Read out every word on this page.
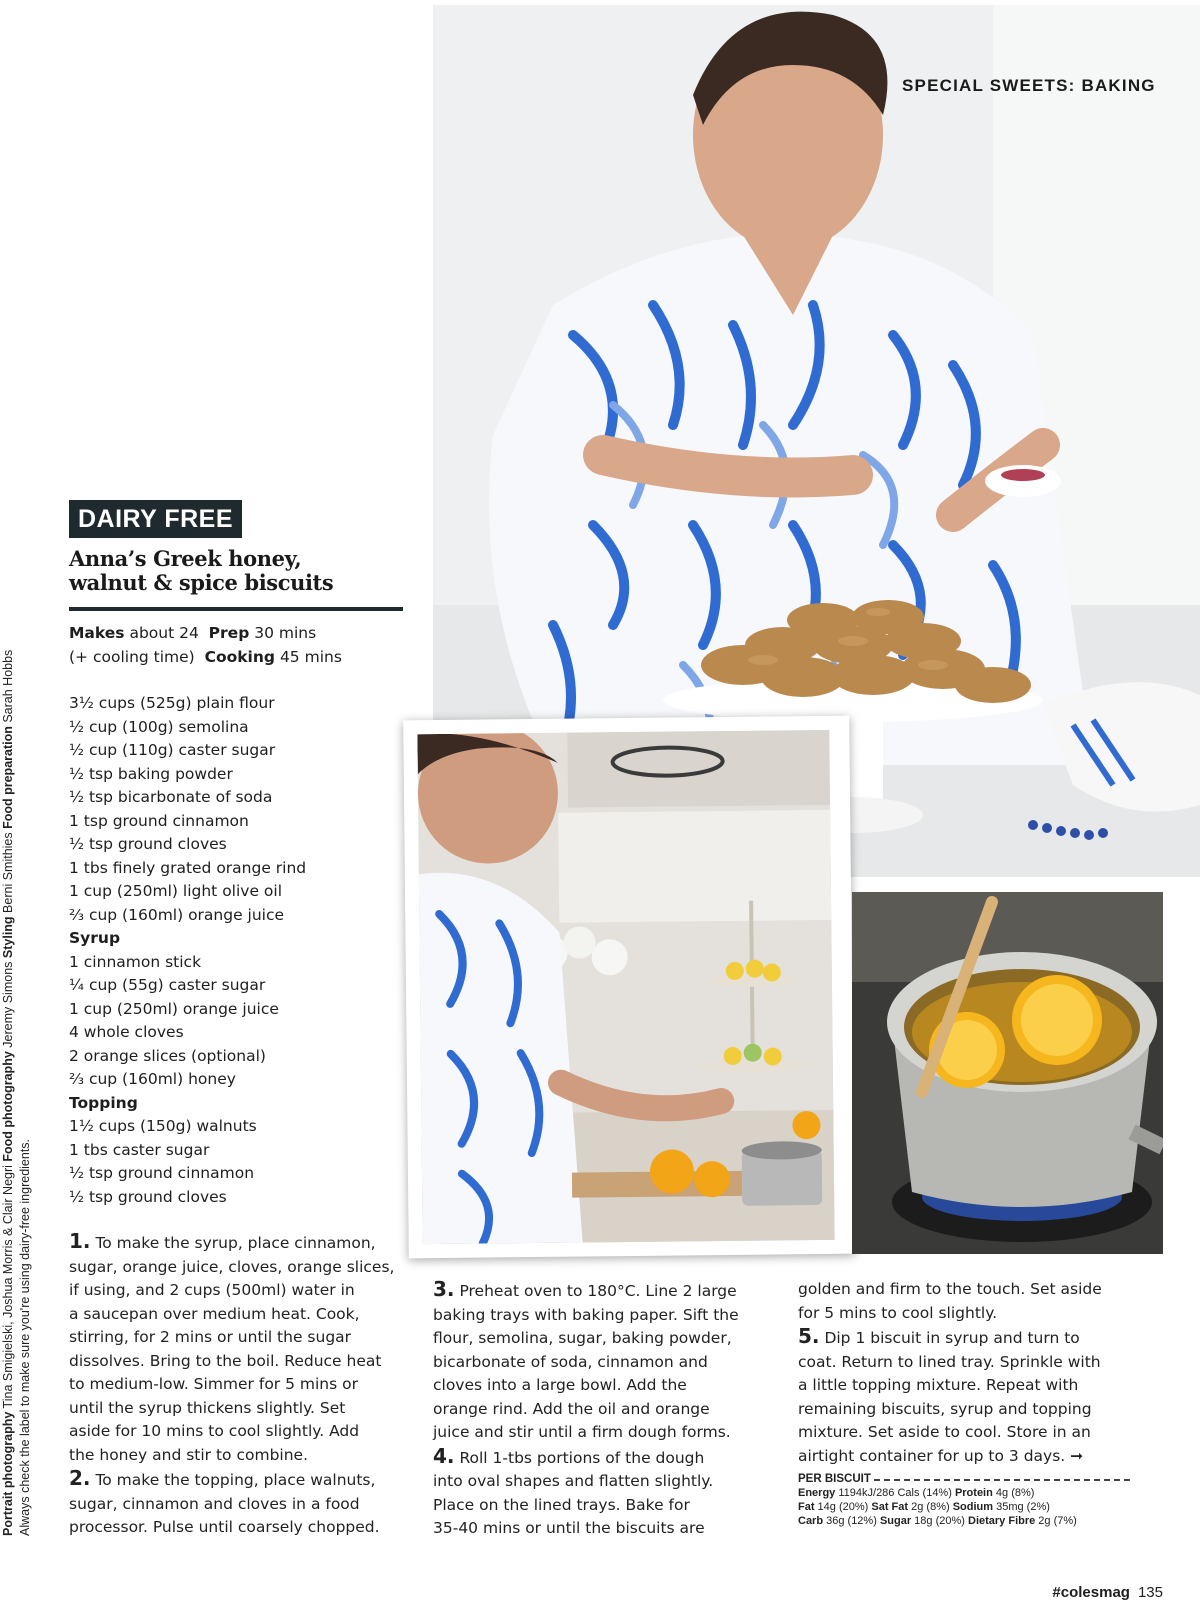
SPECIAL SWEETS: BAKING
Portrait photography Tina Smigielski, Joshua Morris & Clair Negri Food photography Jeremy Simons Styling Berni Smithies Food preparation Sarah Hobbs
Always check the label to make sure you're using dairy-free ingredients.
DAIRY FREE
Anna’s Greek honey,
walnut & spice biscuits
Makes about 24  Prep 30 mins
(+ cooling time)  Cooking 45 mins
3½ cups (525g) plain flour
½ cup (100g) semolina
½ cup (110g) caster sugar
½ tsp baking powder
½ tsp bicarbonate of soda
1 tsp ground cinnamon
½ tsp ground cloves
1 tbs finely grated orange rind
1 cup (250ml) light olive oil
⅔ cup (160ml) orange juice
Syrup
1 cinnamon stick
¼ cup (55g) caster sugar
1 cup (250ml) orange juice
4 whole cloves
2 orange slices (optional)
⅔ cup (160ml) honey
Topping
1½ cups (150g) walnuts
1 tbs caster sugar
½ tsp ground cinnamon
½ tsp ground cloves
1. To make the syrup, place cinnamon,
sugar, orange juice, cloves, orange slices,
if using, and 2 cups (500ml) water in
a saucepan over medium heat. Cook,
stirring, for 2 mins or until the sugar
dissolves. Bring to the boil. Reduce heat
to medium-low. Simmer for 5 mins or
until the syrup thickens slightly. Set
aside for 10 mins to cool slightly. Add
the honey and stir to combine.
2. To make the topping, place walnuts,
sugar, cinnamon and cloves in a food
processor. Pulse until coarsely chopped.
3. Preheat oven to 180°C. Line 2 large
baking trays with baking paper. Sift the
flour, semolina, sugar, baking powder,
bicarbonate of soda, cinnamon and
cloves into a large bowl. Add the
orange rind. Add the oil and orange
juice and stir until a firm dough forms.
4. Roll 1-tbs portions of the dough
into oval shapes and flatten slightly.
Place on the lined trays. Bake for
35-40 mins or until the biscuits are
golden and firm to the touch. Set aside
for 5 mins to cool slightly.
5. Dip 1 biscuit in syrup and turn to
coat. Return to lined tray. Sprinkle with
a little topping mixture. Repeat with
remaining biscuits, syrup and topping
mixture. Set aside to cool. Store in an
airtight container for up to 3 days. ➞
PER BISCUIT
Energy 1194kJ/286 Cals (14%) Protein 4g (8%)
Fat 14g (20%) Sat Fat 2g (8%) Sodium 35mg (2%)
Carb 36g (12%) Sugar 18g (20%) Dietary Fibre 2g (7%)
#colesmag 135
